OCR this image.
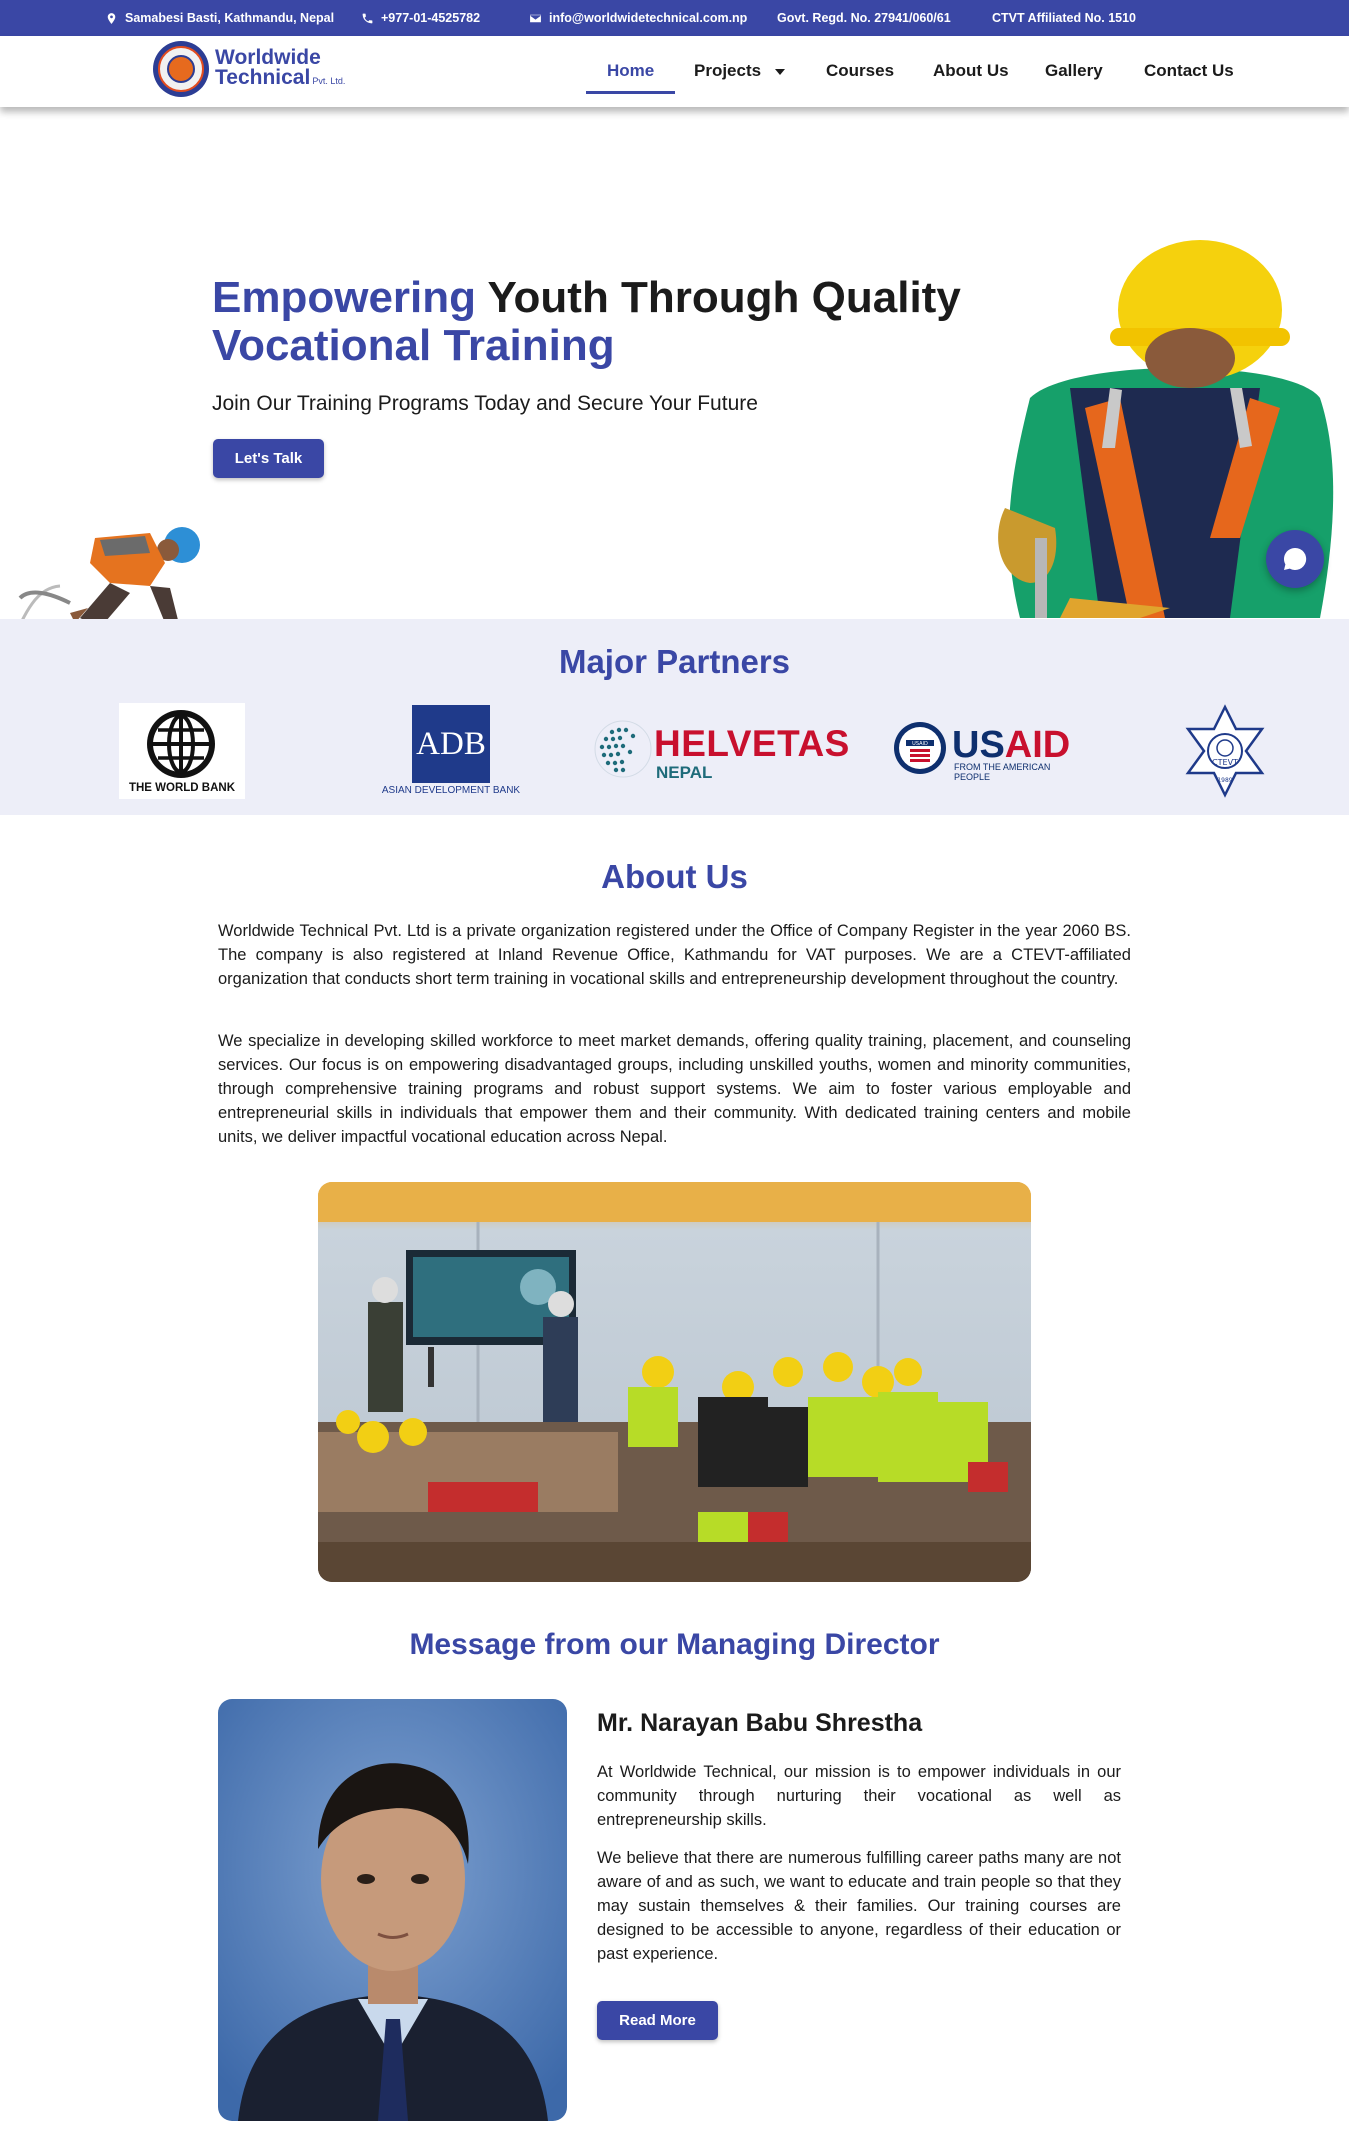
Samabesi Basti, Kathmandu, Nepal	+977-01-4525782	info@worldwidetechnical.com.np Govt. Regd. No. 27941/060/61	CTVT Affiliated No. 1510
Worldwide
Technical Pvt. Ltd.
Home Projects	Courses About Us Gallery Contact Us
Empowering Youth Through Quality
Vocational Training
Join Our Training Programs Today and Secure Your Future
Let's Talk
Major Partners
THE WORLD BANK
ADB
ASIAN DEVELOPMENT BANK
HELVETAS
NEPAL
USAID USAID
FROM THE AMERICAN PEOPLE
CTEVT
1989
About Us

Worldwide Technical Pvt. Ltd is a private organization registered under the Office of Company Register in the year 2060 BS. The company is also registered at Inland Revenue Office, Kathmandu for VAT purposes. We are a CTEVT-affiliated organization that conducts short term training in vocational skills and entrepreneurship development throughout the country.

We specialize in developing skilled workforce to meet market demands, offering quality training, placement, and counseling services. Our focus is on empowering disadvantaged groups, including unskilled youths, women and minority communities, through comprehensive training programs and robust support systems. We aim to foster various employable and entrepreneurial skills in individuals that empower them and their community. With dedicated training centers and mobile units, we deliver impactful vocational education across Nepal.

Message from our Managing Director
Mr. Narayan Babu Shrestha

At Worldwide Technical, our mission is to empower individuals in our community through nurturing their vocational as well as entrepreneurship skills.

We believe that there are numerous fulfilling career paths many are not aware of and as such, we want to educate and train people so that they may sustain themselves & their families. Our training courses are designed to be accessible to anyone, regardless of their education or past experience.

Read More
